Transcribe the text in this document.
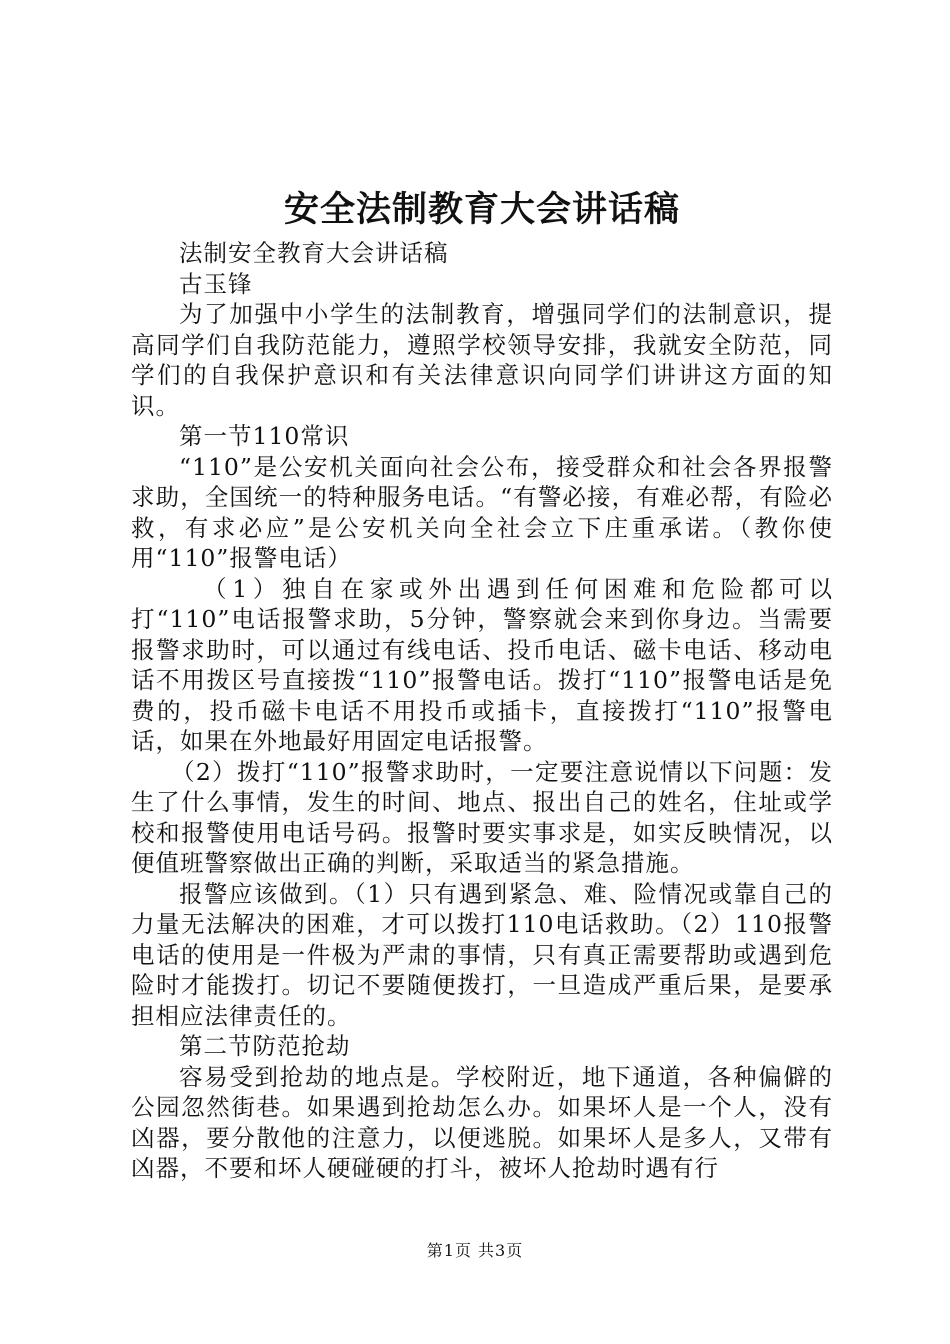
安全法制教育大会讲话稿

法制安全教育大会讲话稿

古玉锋

为了加强中小学生的法制教育，增强同学们的法制意识，提高同学们自我防范能力，遵照学校领导安排，我就安全防范，同学们的自我保护意识和有关法律意识向同学们讲讲这方面的知识。

第一节110常识

“110”是公安机关面向社会公布，接受群众和社会各界报警求助，全国统一的特种服务电话。“有警必接，有难必帮，有险必救，有求必应”是公安机关向全社会立下庄重承诺。（教你使用“110”报警电话）

（1）独自在家或外出遇到任何困难和危险都可以打“110”电话报警求助，5分钟，警察就会来到你身边。当需要报警求助时，可以通过有线电话、投币电话、磁卡电话、移动电话不用拨区号直接拨“110”报警电话。拨打“110”报警电话是免费的，投币磁卡电话不用投币或插卡，直接拨打“110”报警电话，如果在外地最好用固定电话报警。

（2）拨打“110”报警求助时，一定要注意说情以下问题：发生了什么事情，发生的时间、地点、报出自己的姓名，住址或学校和报警使用电话号码。报警时要实事求是，如实反映情况，以便值班警察做出正确的判断，采取适当的紧急措施。

报警应该做到。（1）只有遇到紧急、难、险情况或靠自己的力量无法解决的困难，才可以拨打110电话救助。（2）110报警电话的使用是一件极为严肃的事情，只有真正需要帮助或遇到危险时才能拨打。切记不要随便拨打，一旦造成严重后果，是要承担相应法律责任的。

第二节防范抢劫

容易受到抢劫的地点是。学校附近，地下通道，各种偏僻的公园忽然街巷。如果遇到抢劫怎么办。如果坏人是一个人，没有凶器，要分散他的注意力，以便逃脱。如果坏人是多人，又带有凶器，不要和坏人硬碰硬的打斗，被坏人抢劫时遇有行

第1页 共3页
